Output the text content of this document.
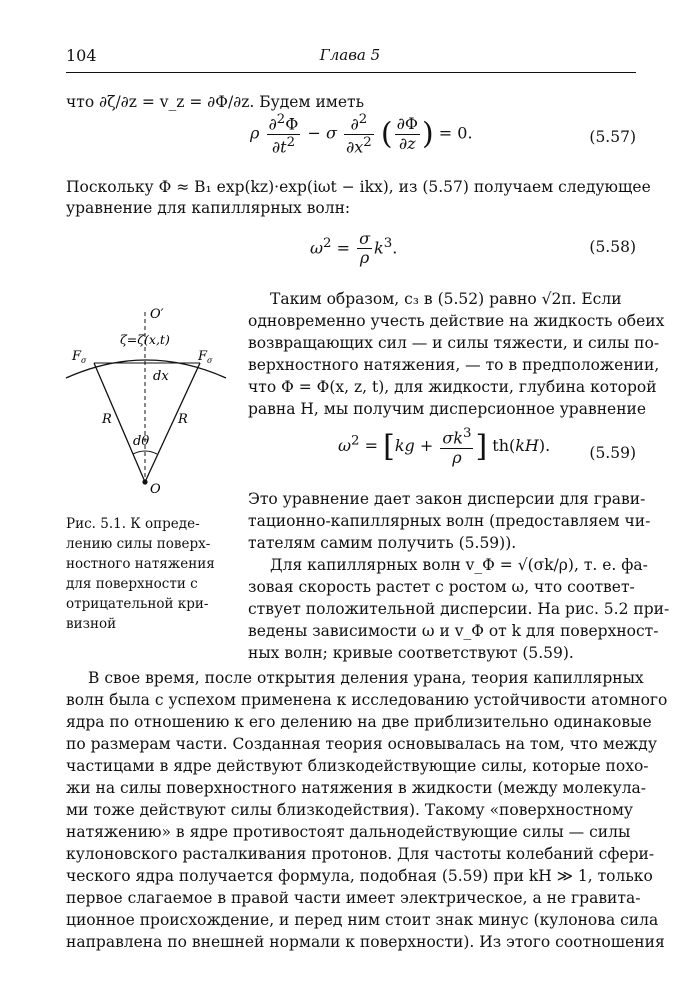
104	Глава 5
что ∂ζ/∂z = v_z = ∂Φ/∂z. Будем иметь
ρ $\frac{\partial^2\Phi}{\partial t^2} - \sigma \frac{\partial^2}{\partial x^2}$ ( $\frac{\partial\Phi}{\partial z}$ ) = 0.	(5.57)
Поскольку Φ ≈ B₁ exp(kz)·exp(iωt − ikx), из (5.57) получаем следующее
уравнение для капиллярных волн:
$\omega^2 = \frac{\sigma}{\rho} k^3$.	(5.58)
O′
ζ=ζ(x,t)
F σ	F σ
dx
R	R
dθ
O
Рис. 5.1. К опреде-
лению силы поверх-
ностного натяжения
для поверхности с
отрицательной кри-
визной
Таким образом, c₃ в (5.52) равно √2π. Если
одновременно учесть действие на жидкость обеих
возвращающих сил — и силы тяжести, и силы по-
верхностного натяжения, — то в предположении,
что Φ = Φ(x, z, t), для жидкости, глубина которой
равна H, мы получим дисперсионное уравнение
$\omega^2 = [kg + \frac{\sigma k^3}{\rho}$ ] th(kH).	(5.59)
Это уравнение дает закон дисперсии для грави-
тационно-капиллярных волн (предоставляем чи-
тателям самим получить (5.59)).
Для капиллярных волн v_Φ = √(σk/ρ), т. е. фа-
зовая скорость растет с ростом ω, что соответ-
ствует положительной дисперсии. На рис. 5.2 при-
ведены зависимости ω и v_Φ от k для поверхност-
ных волн; кривые соответствуют (5.59).
В свое время, после открытия деления урана, теория капиллярных
волн была с успехом применена к исследованию устойчивости атомного
ядра по отношению к его делению на две приблизительно одинаковые
по размерам части. Созданная теория основывалась на том, что между
частицами в ядре действуют близкодействующие силы, которые похо-
жи на силы поверхностного натяжения в жидкости (между молекула-
ми тоже действуют силы близкодействия). Такому «поверхностному
натяжению» в ядре противостоят дальнодействующие силы — силы
кулоновского расталкивания протонов. Для частоты колебаний сфери-
ческого ядра получается формула, подобная (5.59) при kH ≫ 1, только
первое слагаемое в правой части имеет электрическое, а не гравита-
ционное происхождение, и перед ним стоит знак минус (кулонова сила
направлена по внешней нормали к поверхности). Из этого соотношения
